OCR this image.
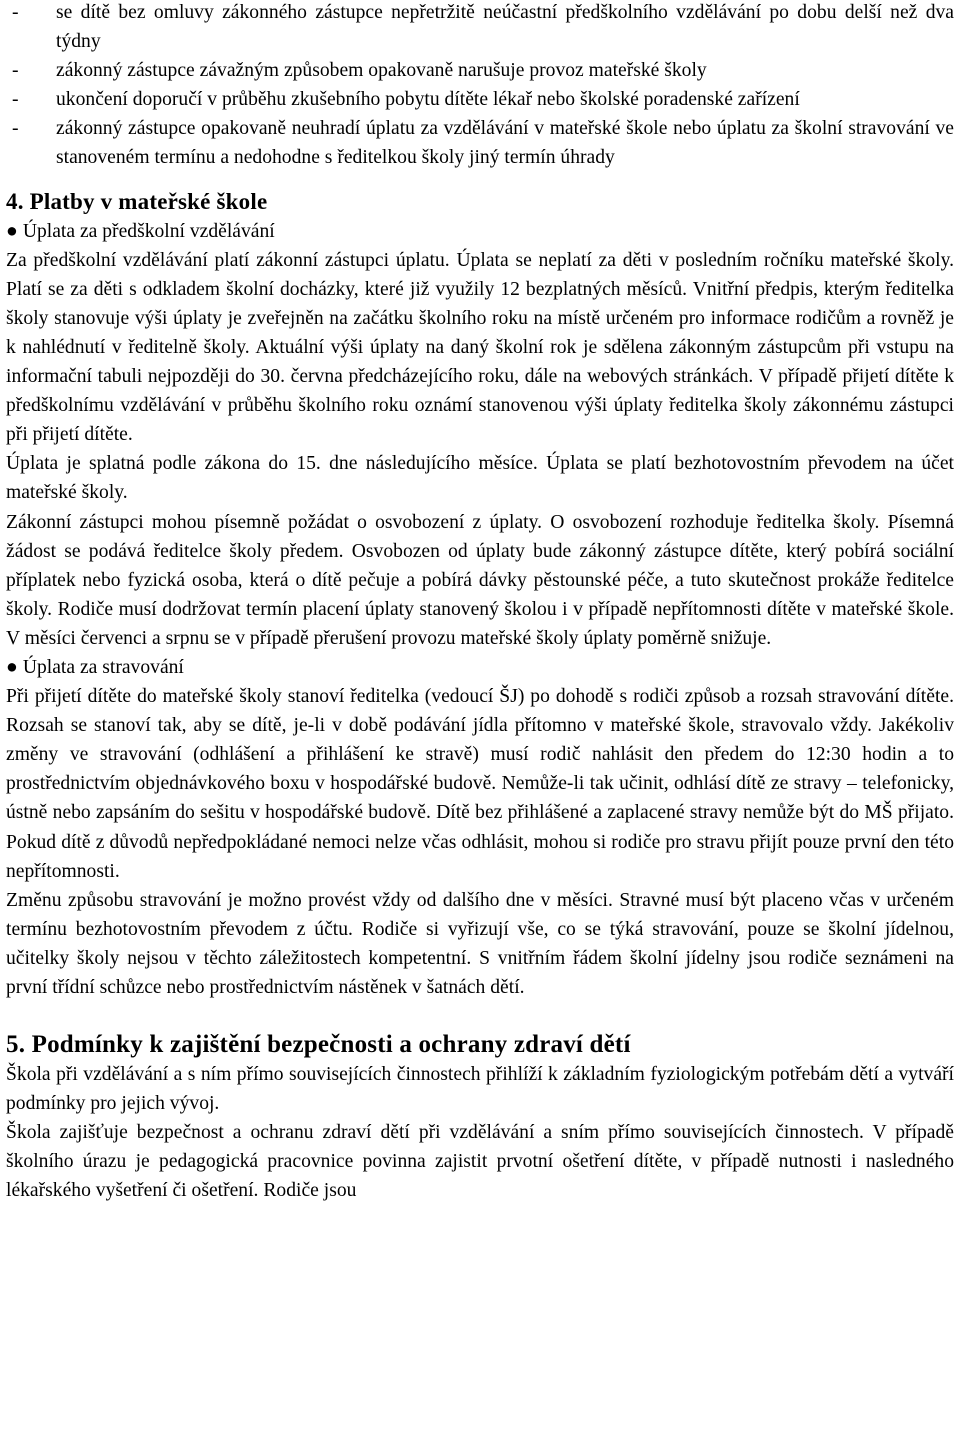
-	se dítě bez omluvy zákonného zástupce nepřetržitě neúčastní předškolního vzdělávání po dobu delší než dva týdny
-	zákonný zástupce závažným způsobem opakovaně narušuje provoz mateřské školy
-	ukončení doporučí v průběhu zkušebního pobytu dítěte lékař nebo školské poradenské zařízení
-	zákonný zástupce opakovaně neuhradí úplatu za vzdělávání v mateřské škole nebo úplatu za školní stravování ve stanoveném termínu a nedohodne s ředitelkou školy jiný termín úhrady
4. Platby v mateřské škole

● Úplata za předškolní vzdělávání

Za předškolní vzdělávání platí zákonní zástupci úplatu. Úplata se neplatí za děti v posledním ročníku mateřské školy. Platí se za děti s odkladem školní docházky, které již využily 12 bezplatných měsíců. Vnitřní předpis, kterým ředitelka školy stanovuje výši úplaty je zveřejněn na začátku školního roku na místě určeném pro informace rodičům a rovněž je k nahlédnutí v ředitelně školy. Aktuální výši úplaty na daný školní rok je sdělena zákonným zástupcům při vstupu na informační tabuli nejpozději do 30. června předcházejícího roku, dále na webových stránkách. V případě přijetí dítěte k předškolnímu vzdělávání v průběhu školního roku oznámí stanovenou výši úplaty ředitelka školy zákonnému zástupci při přijetí dítěte.

Úplata je splatná podle zákona do 15. dne následujícího měsíce. Úplata se platí bezhotovostním převodem na účet mateřské školy.

Zákonní zástupci mohou písemně požádat o osvobození z úplaty. O osvobození rozhoduje ředitelka školy. Písemná žádost se podává ředitelce školy předem. Osvobozen od úplaty bude zákonný zástupce dítěte, který pobírá sociální příplatek nebo fyzická osoba, která o dítě pečuje a pobírá dávky pěstounské péče, a tuto skutečnost prokáže ředitelce školy. Rodiče musí dodržovat termín placení úplaty stanovený školou i v případě nepřítomnosti dítěte v mateřské škole. V měsíci červenci a srpnu se v případě přerušení provozu mateřské školy úplaty poměrně snižuje.

● Úplata za stravování

Při přijetí dítěte do mateřské školy stanoví ředitelka (vedoucí ŠJ) po dohodě s rodiči způsob a rozsah stravování dítěte. Rozsah se stanoví tak, aby se dítě, je-li v době podávání jídla přítomno v mateřské škole, stravovalo vždy. Jakékoliv změny ve stravování (odhlášení a přihlášení ke stravě) musí rodič nahlásit den předem do 12:30 hodin a to prostřednictvím objednávkového boxu v hospodářské budově. Nemůže-li tak učinit, odhlásí dítě ze stravy – telefonicky, ústně nebo zapsáním do sešitu v hospodářské budově. Dítě bez přihlášené a zaplacené stravy nemůže být do MŠ přijato. Pokud dítě z důvodů nepředpokládané nemoci nelze včas odhlásit, mohou si rodiče pro stravu přijít pouze první den této nepřítomnosti.

Změnu způsobu stravování je možno provést vždy od dalšího dne v měsíci. Stravné musí být placeno včas v určeném termínu bezhotovostním převodem z účtu. Rodiče si vyřizují vše, co se týká stravování, pouze se školní jídelnou, učitelky školy nejsou v těchto záležitostech kompetentní. S vnitřním řádem školní jídelny jsou rodiče seznámeni na první třídní schůzce nebo prostřednictvím nástěnek v šatnách dětí.

5. Podmínky k zajištění bezpečnosti a ochrany zdraví dětí

Škola při vzdělávání a s ním přímo souvisejících činnostech přihlíží k základním fyziologickým potřebám dětí a vytváří podmínky pro jejich vývoj.

Škola zajišťuje bezpečnost a ochranu zdraví dětí při vzdělávání a sním přímo souvisejících činnostech. V případě školního úrazu je pedagogická pracovnice povinna zajistit prvotní ošetření dítěte, v případě nutnosti i nasledného lékařského vyšetření či ošetření. Rodiče jsou
